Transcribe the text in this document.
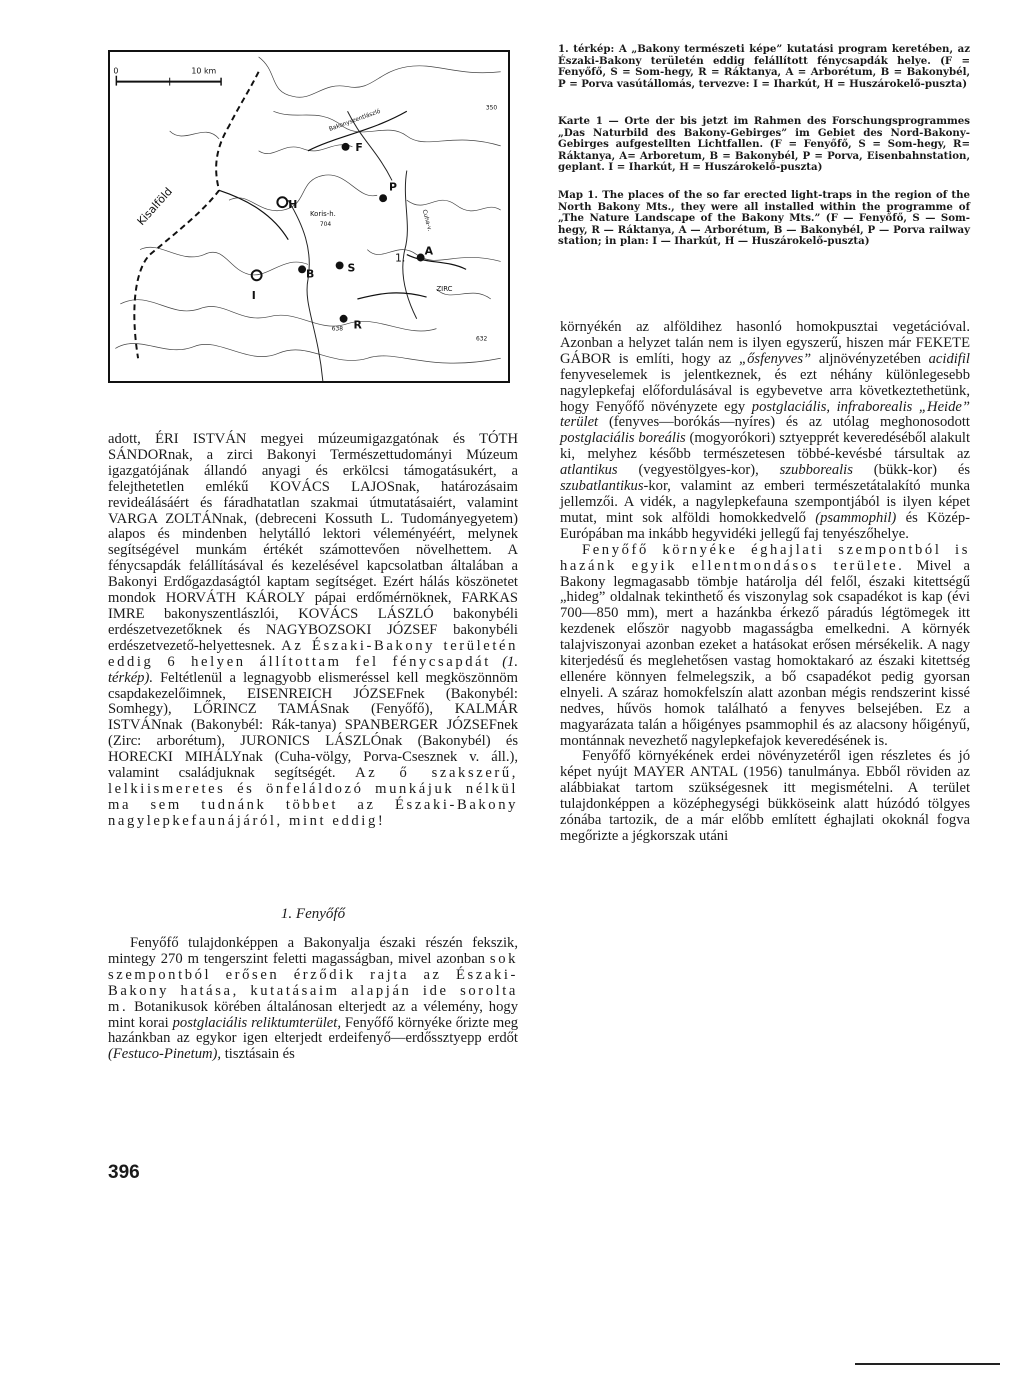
0	10 km
Kisalföld
Bakonyszentlászló
Koris-h.
ZIRC
Cuha-v.
704
632
638
350
F
P
H
B	S
I
R
A
1.

1. térkép: A „Bakony természeti képe” kutatási program keretében, az Északi-Bakony területén eddig felállított fénycsapdák helye. (F = Fenyőfő, S = Som-hegy, R = Ráktanya, A = Arborétum, B = Bakonybél, P = Porva vasútállomás, tervezve: I = Iharkút, H = Huszárokelő-puszta)

Karte 1 — Orte der bis jetzt im Rahmen des Forschungsprogrammes „Das Naturbild des Bakony-Gebirges” im Gebiet des Nord-Bakony-Gebirges aufgestellten Lichtfallen. (F = Fenyőfő, S = Som-hegy, R= Ráktanya, A= Arboretum, B = Bakonybél, P = Porva, Eisenbahnstation, geplant. I = Iharkút, H = Huszárokelő-puszta)

Map 1. The places of the so far erected light-traps in the region of the North Bakony Mts., they were all installed within the programme of „The Nature Landscape of the Bakony Mts.” (F — Fenyőfő, S — Som-hegy, R — Ráktanya, A — Arborétum, B — Bakonybél, P — Porva railway station; in plan: I — Iharkút, H — Huszárokelő-puszta)

adott, ÉRI ISTVÁN megyei múzeumigazgatónak és TÓTH SÁNDORnak, a zirci Bakonyi Természettudományi Múzeum igazgatójának állandó anyagi és erkölcsi támogatásukért, a felejthetetlen emlékű KOVÁCS LAJOSnak, határozásaim revideálásáért és fáradhatatlan szakmai útmutatásaiért, valamint VARGA ZOLTÁNnak, (debreceni Kossuth L. Tudományegyetem) alapos és mindenben helytálló lektori véleményéért, melynek segítségével munkám értékét számottevően növelhettem. A fénycsapdák felállításával és kezelésével kapcsolatban általában a Bakonyi Erdőgazdaságtól kaptam segítséget. Ezért hálás köszönetet mondok HORVÁTH KÁROLY pápai erdőmérnöknek, FARKAS IMRE bakonyszentlászlói, KOVÁCS LÁSZLÓ bakonybéli erdészetvezetőknek és NAGYBOZSOKI JÓZSEF bakonybéli erdészetvezető-helyettesnek. Az Északi-Bakony területén eddig 6 helyen állítottam fel fénycsapdát (1. térkép). Feltétlenül a legnagyobb elismeréssel kell megköszönnöm csapdakezelőimnek, EISENREICH JÓZSEFnek (Bakonybél: Somhegy), LŐRINCZ TAMÁSnak (Fenyőfő), KALMÁR ISTVÁNnak (Bakonybél: Rák-tanya) SPANBERGER JÓZSEFnek (Zirc: arborétum), JURONICS LÁSZLÓnak (Bakonybél) és HORECKI MIHÁLYnak (Cuha-völgy, Porva-Csesznek v. áll.), valamint családjuknak segítségét. Az ő szakszerű, lelkiismeretes és önfeláldozó munkájuk nélkül ma sem tudnánk többet az Északi-Bakony nagylepkefaunájáról, mint eddig!

1. Fenyőfő

Fenyőfő tulajdonképpen a Bakonyalja északi részén fekszik, mintegy 270 m tengerszint feletti magasságban, mivel azonban sok szempontból erősen érződik rajta az Északi-Bakony hatása, kutatásaim alapján ide sorolta m. Botanikusok körében általánosan elterjedt az a vélemény, hogy mint korai postglaciális reliktumterület, Fenyőfő környéke őrizte meg hazánkban az egykor igen elterjedt erdeifenyő—erdőssztyepp erdőt (Festuco-Pinetum), tisztásain és

környékén az alföldihez hasonló homokpusztai vegetációval. Azonban a helyzet talán nem is ilyen egyszerű, hiszen már FEKETE GÁBOR is említi, hogy az „ősfenyves” aljnövényzetében acidifil fenyveselemek is jelentkeznek, és ezt néhány különlegesebb nagylepkefaj előfordulásával is egybevetve arra következtethetünk, hogy Fenyőfő növényzete egy postglaciális, infraborealis „Heide” terület (fenyves—borókás—nyíres) és az utólag meghonosodott postglaciális boreális (mogyorókori) sztyepprét keveredéséből alakult ki, melyhez később természetesen többé-kevésbé társultak az atlantikus (vegyestölgyes-kor), szubborealis (bükk-kor) és szubatlantikus-kor, valamint az emberi természetátalakító munka jellemzői. A vidék, a nagylepkefauna szempontjából is ilyen képet mutat, mint sok alföldi homokkedvelő (psammophil) és Közép-Európában ma inkább hegyvidéki jellegű faj tenyészőhelye.

Fenyőfő környéke éghajlati szempontból is hazánk egyik ellentmondásos területe. Mivel a Bakony legmagasabb tömbje határolja dél felől, északi kitettségű „hideg” oldalnak tekinthető és viszonylag sok csapadékot is kap (évi 700—850 mm), mert a hazánkba érkező páradús légtömegek itt kezdenek először nagyobb magasságba emelkedni. A környék talajviszonyai azonban ezeket a hatásokat erősen mérsékelik. A nagy kiterjedésű és meglehetősen vastag homoktakaró az északi kitettség ellenére könnyen felmelegszik, a bő csapadékot pedig gyorsan elnyeli. A száraz homokfelszín alatt azonban mégis rendszerint kissé nedves, hűvös homok található a fenyves belsejében. Ez a magyarázata talán a hőigényes psammophil és az alacsony hőigényű, montánnak nevezhető nagylepkefajok keveredésének is.

Fenyőfő környékének erdei növényzetéről igen részletes és jó képet nyújt MAYER ANTAL (1956) tanulmánya. Ebből röviden az alábbiakat tartom szükségesnek itt megismételni. A terület tulajdonképpen a középhegységi bükköseink alatt húzódó tölgyes zónába tartozik, de a már előbb említett éghajlati okoknál fogva megőrizte a jégkorszak utáni

396
